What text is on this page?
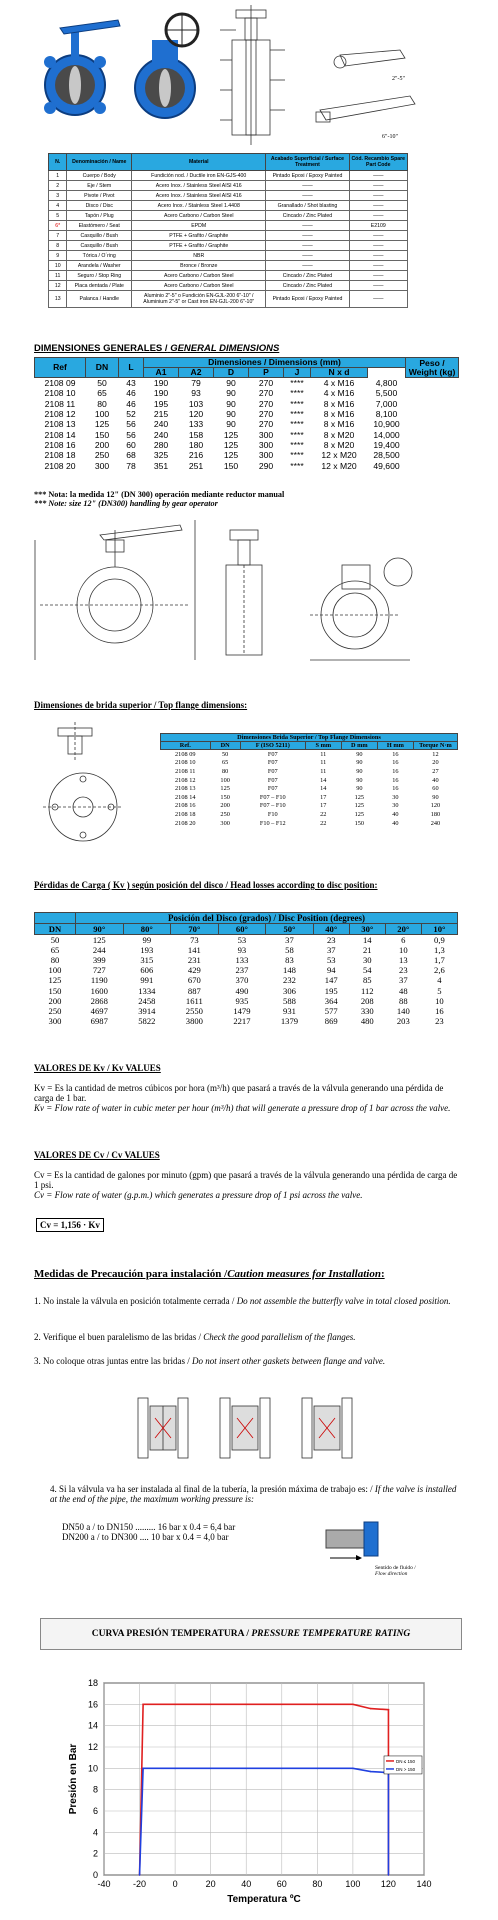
2"-5"
6"-10"
N.	Denominación / Name	Material	Acabado Superficial / Surface Treatment	Cód. Recambio Spare Part Code
1	Cuerpo / Body	Fundición nod. / Ductile iron EN-GJS-400	Pintado Epoxi / Epoxy Painted	——
2	Eje / Stem	Acero Inox. / Stainless Steel AISI 416	——	——
3	Pivote / Pivot	Acero Inox. / Stainless Steel AISI 416	——	——
4	Disco / Disc	Acero Inox. / Stainless Steel 1.4408	Granallado / Shot blasting	——
5	Tapón / Plug	Acero Carbono / Carbon Steel	Cincado / Zinc Plated	——
6*	Elastómero / Seat	EPDM	——	E2109
7	Casquillo / Bush	PTFE + Grafito / Graphite	——	——
8	Casquillo / Bush	PTFE + Grafito / Graphite	——	——
9	Tórica / O´ring	NBR	——	——
10	Arandela / Washer	Bronce / Bronze	——	——
11	Seguro / Stop Ring	Acero Carbono / Carbon Steel	Cincado / Zinc Plated	——
12	Placa dentada / Plate	Acero Carbono / Carbon Steel	Cincado / Zinc Plated	——
13	Palanca / Handle	Aluminio 2"-5" o Fundición EN-GJL-200 6"-10" / Aluminium 2"-5" or Cast iron EN-GJL-200 6"-10"	Pintado Epoxi / Epoxy Painted	——
DIMENSIONES GENERALES / GENERAL DIMENSIONS
Ref	DN	L	Dimensiones / Dimensions (mm)							Peso / Weight (kg)
			A1	A2	D	P	J	N x d		
2108 09	50	43	190	79	90	270	****	4 x M16	4,800	
2108 10	65	46	190	93	90	270	****	4 x M16	5,500	
2108 11	80	46	195	103	90	270	****	8 x M16	7,000	
2108 12	100	52	215	120	90	270	****	8 x M16	8,100	
2108 13	125	56	240	133	90	270	****	8 x M16	10,900	
2108 14	150	56	240	158	125	300	****	8 x M20	14,000	
2108 16	200	60	280	180	125	300	****	8 x M20	19,400	
2108 18	250	68	325	216	125	300	****	12 x M20	28,500	
2108 20	300	78	351	251	150	290	****	12 x M20	49,600	
*** Nota: la medida 12" (DN 300) operación mediante reductor manual
*** Note: size 12" (DN300) handling by gear operator
Dimensiones de brida superior / Top flange dimensions:
Dimensiones Brida Superior / Top Flange Dimensions						
Ref.	DN	F (ISO 5211)	S mm	D mm	H mm	Torque N·m
2108 09	50	F07	11	90	16	12
2108 10	65	F07	11	90	16	20
2108 11	80	F07	11	90	16	27
2108 12	100	F07	14	90	16	40
2108 13	125	F07	14	90	16	60
2108 14	150	F07 – F10	17	125	30	90
2108 16	200	F07 – F10	17	125	30	120
2108 18	250	F10	22	125	40	180
2108 20	300	F10 – F12	22	150	40	240
Pérdidas de Carga ( Kv ) según posición del disco / Head losses according to disc position:
	Posición del Disco (grados) / Disc Position (degrees)								
DN	90°	80°	70°	60°	50°	40°	30°	20°	10°
50	125	99	73	53	37	23	14	6	0,9
65	244	193	141	93	58	37	21	10	1,3
80	399	315	231	133	83	53	30	13	1,7
100	727	606	429	237	148	94	54	23	2,6
125	1190	991	670	370	232	147	85	37	4
150	1600	1334	887	490	306	195	112	48	5
200	2868	2458	1611	935	588	364	208	88	10
250	4697	3914	2550	1479	931	577	330	140	16
300	6987	5822	3800	2217	1379	869	480	203	23
VALORES DE Kv / Kv VALUES
Kv = Es la cantidad de metros cúbicos por hora (m³/h) que pasará a través de la válvula generando una pérdida de carga de 1 bar.
Kv = Flow rate of water in cubic meter per hour (m³/h) that will generate a pressure drop of 1 bar across the valve.
VALORES DE Cv / Cv VALUES
Cv = Es la cantidad de galones por minuto (gpm) que pasará a través de la válvula generando una pérdida de carga de 1 psi.
Cv = Flow rate of water (g.p.m.) which generates a pressure drop of 1 psi across the valve.
Cv = 1,156 · Kv
Medidas de Precaución para instalación /Caution measures for Installation:
1. No instale la válvula en posición totalmente cerrada / Do not assemble the butterfly valve in total closed position.
2. Verifique el buen paralelismo de las bridas / Check the good parallelism of the flanges.
3. No coloque otras juntas entre las bridas / Do not insert other gaskets between flange and valve.
4. Si la válvula va ha ser instalada al final de la tubería, la presión máxima de trabajo es: / If the valve is installed at the end of the pipe, the maximum working pressure is:
DN50 a / to DN150 ......... 16 bar x 0.4 = 6,4 bar
DN200 a / to DN300 .... 10 bar x 0.4 = 4,0 bar
Sentido de fluido /
Flow direction
CURVA PRESIÓN TEMPERATURA /
PRESSURE TEMPERATURE RATING
0
2
4
6
8
10
12
14
16
18
-40	-20	0	20	40	60	80	100 120 140
Temperatura ºC
Presión en Bar	DN ≤ 150
DN > 150
